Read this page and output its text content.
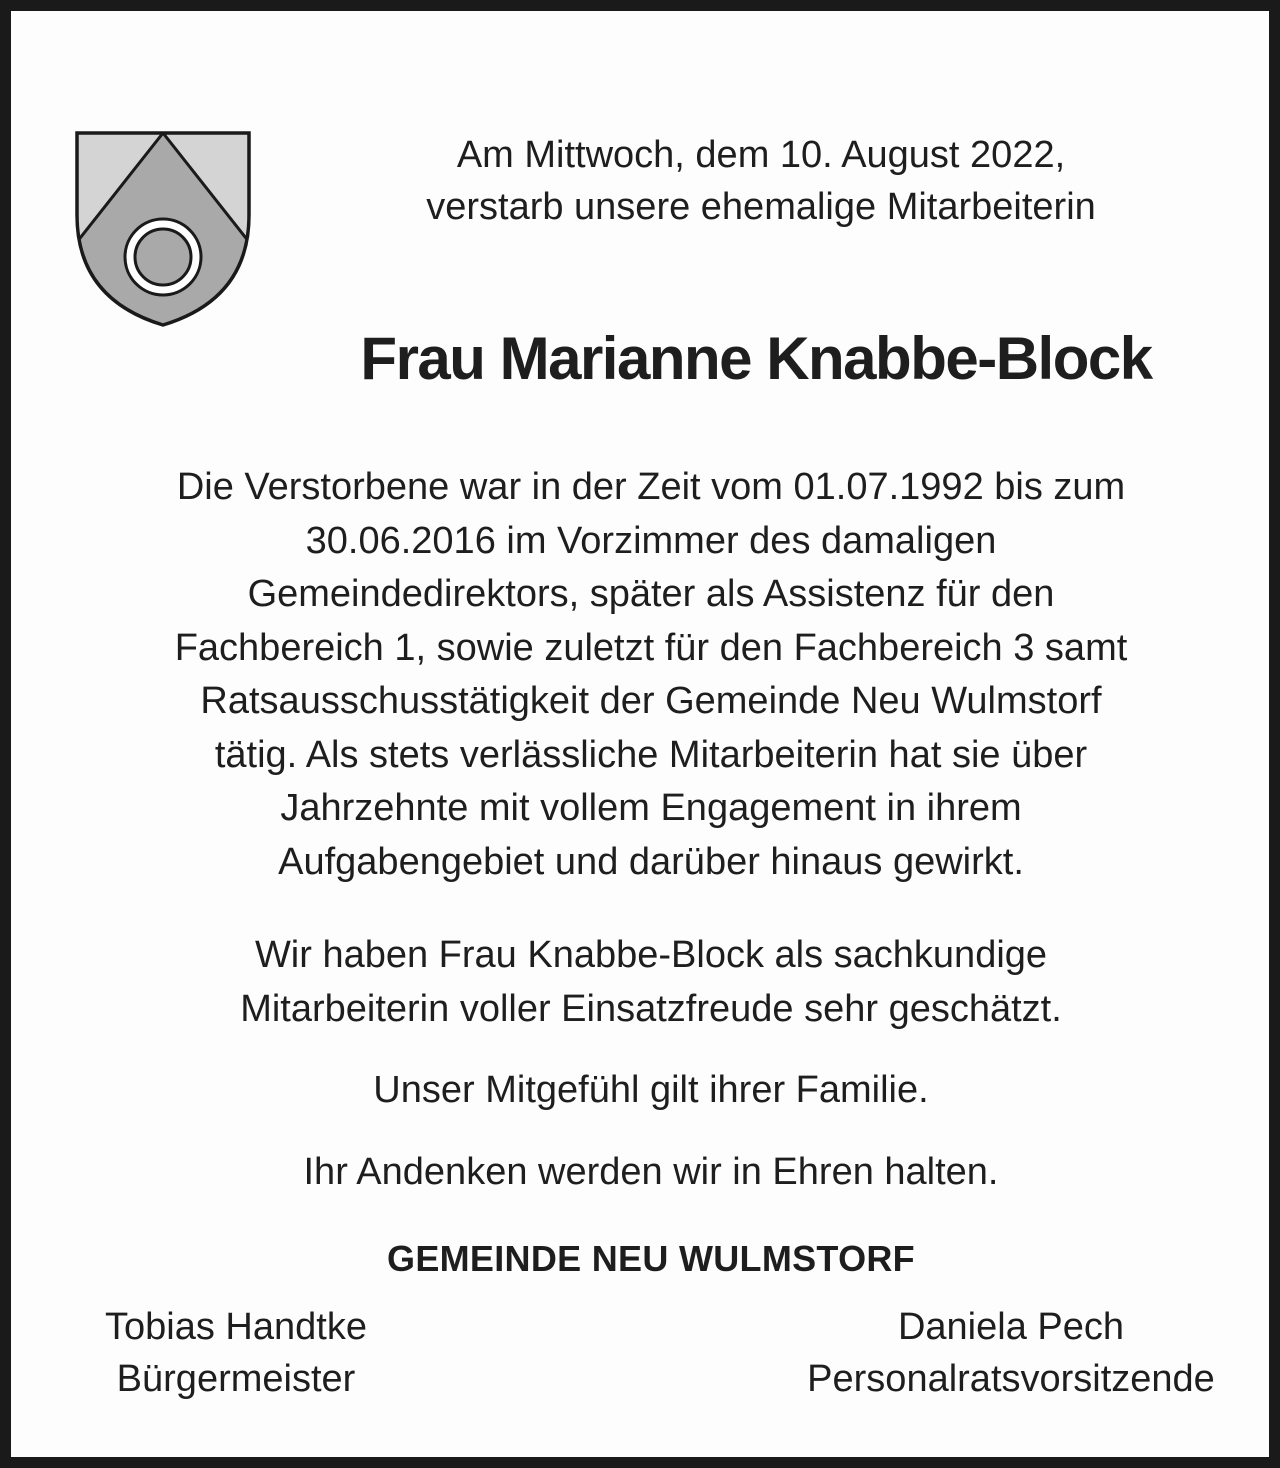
Am Mittwoch, dem 10. August 2022,

verstarb unsere ehemalige Mitarbeiterin

Frau Marianne Knabbe-Block

Die Verstorbene war in der Zeit vom 01.07.1992 bis zum
30.06.2016 im Vorzimmer des damaligen
Gemeindedirektors, später als Assistenz für den
Fachbereich 1, sowie zuletzt für den Fachbereich 3 samt
Ratsausschusstätigkeit der Gemeinde Neu Wulmstorf
tätig. Als stets verlässliche Mitarbeiterin hat sie über
Jahrzehnte mit vollem Engagement in ihrem
Aufgabengebiet und darüber hinaus gewirkt.

Wir haben Frau Knabbe-Block als sachkundige
Mitarbeiterin voller Einsatzfreude sehr geschätzt.

Unser Mitgefühl gilt ihrer Familie.

Ihr Andenken werden wir in Ehren halten.

GEMEINDE NEU WULMSTORF
Tobias Handtke
Bürgermeister
Daniela Pech
Personalratsvorsitzende
